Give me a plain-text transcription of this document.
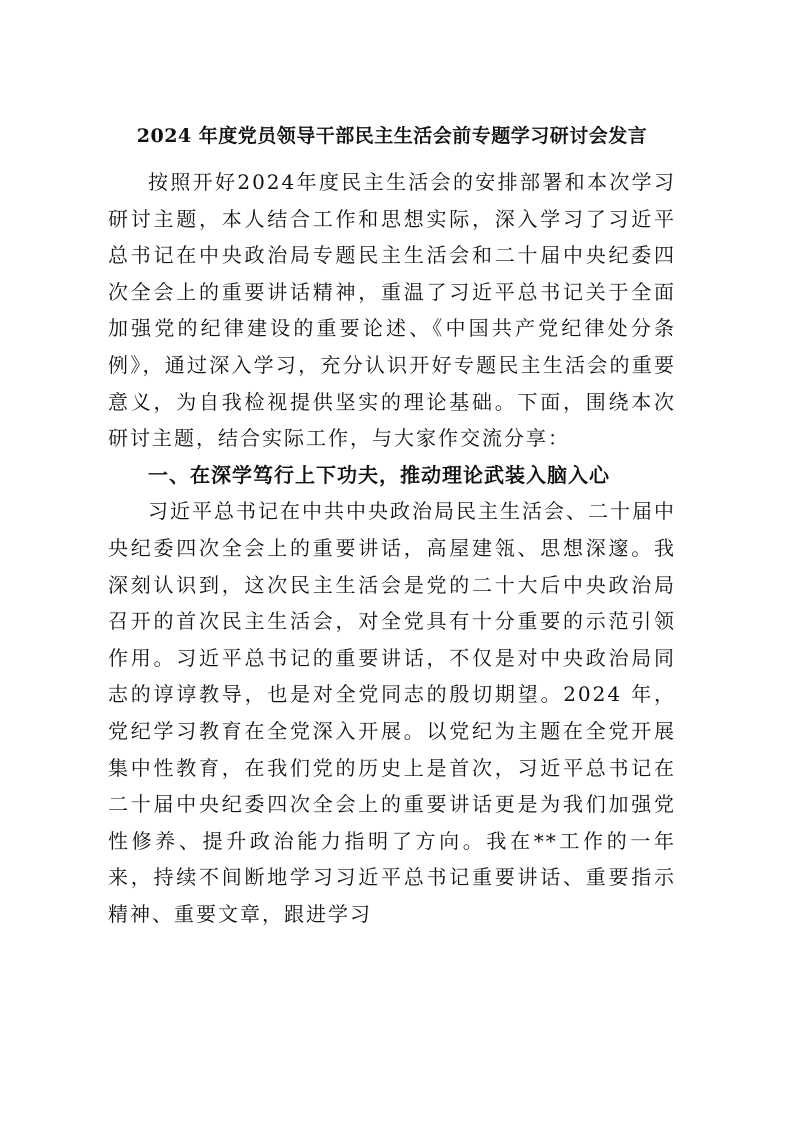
2024 年度党员领导干部民主生活会前专题学习研讨会发言

按照开好2024年度民主生活会的安排部署和本次学习研讨主题，本人结合工作和思想实际，深入学习了习近平总书记在中央政治局专题民主生活会和二十届中央纪委四次全会上的重要讲话精神，重温了习近平总书记关于全面加强党的纪律建设的重要论述、《中国共产党纪律处分条例》，通过深入学习，充分认识开好专题民主生活会的重要意义，为自我检视提供坚实的理论基础。下面，围绕本次研讨主题，结合实际工作，与大家作交流分享：

一、在深学笃行上下功夫，推动理论武装入脑入心

习近平总书记在中共中央政治局民主生活会、二十届中央纪委四次全会上的重要讲话，高屋建瓴、思想深邃。我深刻认识到，这次民主生活会是党的二十大后中央政治局召开的首次民主生活会，对全党具有十分重要的示范引领作用。习近平总书记的重要讲话，不仅是对中央政治局同志的谆谆教导，也是对全党同志的殷切期望。2024 年，党纪学习教育在全党深入开展。以党纪为主题在全党开展集中性教育，在我们党的历史上是首次，习近平总书记在二十届中央纪委四次全会上的重要讲话更是为我们加强党性修养、提升政治能力指明了方向。我在**工作的一年来，持续不间断地学习习近平总书记重要讲话、重要指示精神、重要文章，跟进学习
